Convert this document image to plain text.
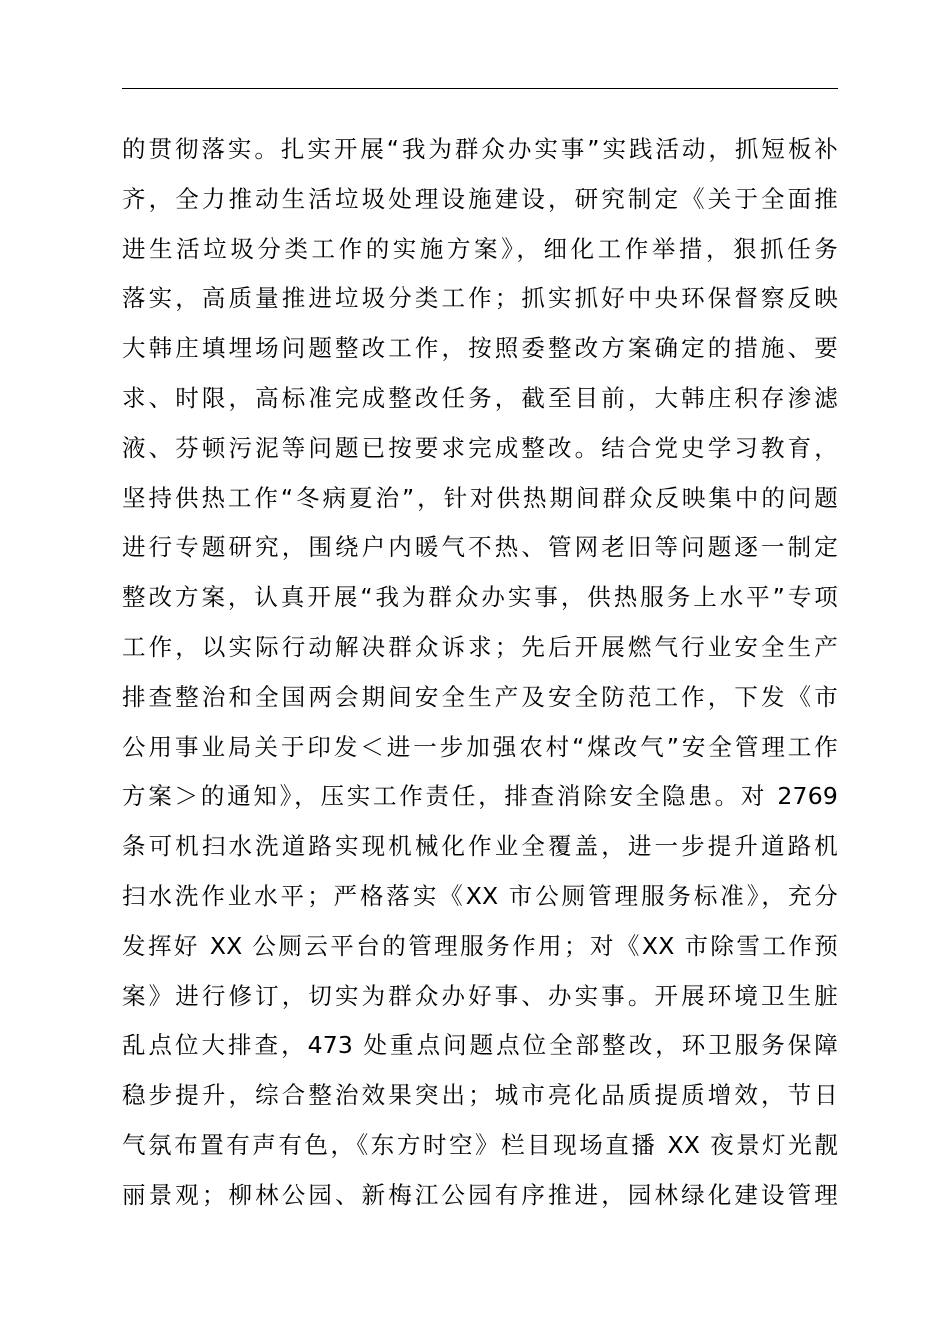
的贯彻落实。扎实开展“我为群众办实事”实践活动，抓短板补
齐，全力推动生活垃圾处理设施建设，研究制定《关于全面推
进生活垃圾分类工作的实施方案》，细化工作举措，狠抓任务
落实，高质量推进垃圾分类工作；抓实抓好中央环保督察反映
大韩庄填埋场问题整改工作，按照委整改方案确定的措施、要
求、时限，高标准完成整改任务，截至目前，大韩庄积存渗滤
液、芬顿污泥等问题已按要求完成整改。结合党史学习教育，
坚持供热工作“冬病夏治”，针对供热期间群众反映集中的问题
进行专题研究，围绕户内暖气不热、管网老旧等问题逐一制定
整改方案，认真开展“我为群众办实事，供热服务上水平”专项
工作，以实际行动解决群众诉求；先后开展燃气行业安全生产
排查整治和全国两会期间安全生产及安全防范工作，下发《市
公用事业局关于印发＜进一步加强农村“煤改气”安全管理工作
方案＞的通知》，压实工作责任，排查消除安全隐患。对 2769
条可机扫水洗道路实现机械化作业全覆盖，进一步提升道路机
扫水洗作业水平；严格落实《XX 市公厕管理服务标准》，充分
发挥好 XX 公厕云平台的管理服务作用；对《XX 市除雪工作预
案》进行修订，切实为群众办好事、办实事。开展环境卫生脏
乱点位大排查，473 处重点问题点位全部整改，环卫服务保障
稳步提升，综合整治效果突出；城市亮化品质提质增效，节日
气氛布置有声有色，《东方时空》栏目现场直播 XX 夜景灯光靓
丽景观；柳林公园、新梅江公园有序推进，园林绿化建设管理
